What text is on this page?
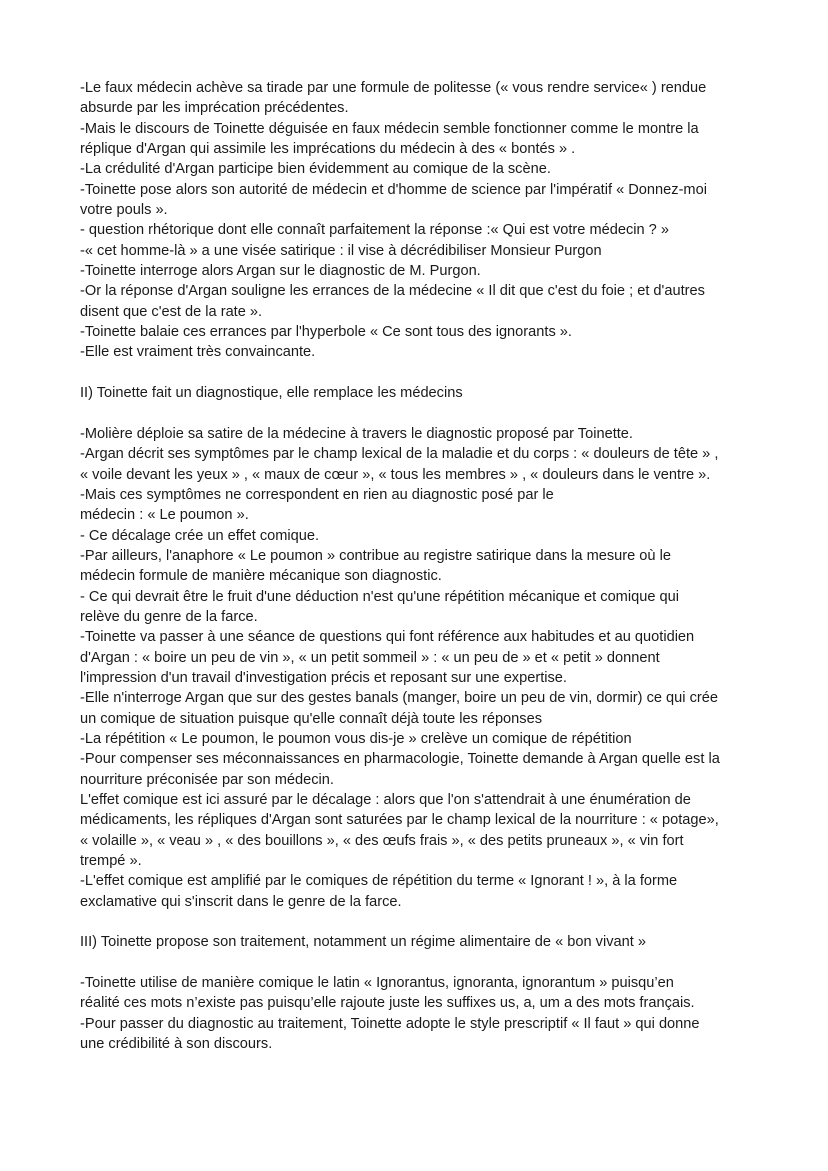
-Le faux médecin achève sa tirade par une formule de politesse (« vous rendre service« ) rendue

absurde par les imprécation précédentes.

-Mais le discours de Toinette déguisée en faux médecin semble fonctionner comme le montre la

réplique d'Argan qui assimile les imprécations du médecin à des « bontés » .

-La crédulité d'Argan participe bien évidemment au comique de la scène.

-Toinette pose alors son autorité de médecin et d'homme de science par l'impératif « Donnez-moi

votre pouls ».

- question rhétorique dont elle connaît parfaitement la réponse :« Qui est votre médecin ? »

-« cet homme-là » a une visée satirique : il vise à décrédibiliser Monsieur Purgon

-Toinette interroge alors Argan sur le diagnostic de M. Purgon.

-Or la réponse d'Argan souligne les errances de la médecine « Il dit que c'est du foie ; et d'autres

disent que c'est de la rate ».

-Toinette balaie ces errances par l'hyperbole « Ce sont tous des ignorants ».

-Elle est vraiment très convaincante.

II) Toinette fait un diagnostique, elle remplace les médecins

-Molière déploie sa satire de la médecine à travers le diagnostic proposé par Toinette.

-Argan décrit ses symptômes par le champ lexical de la maladie et du corps : « douleurs de tête » ,

« voile devant les yeux » , « maux de cœur », « tous les membres » , « douleurs dans le ventre ».

-Mais ces symptômes ne correspondent en rien au diagnostic posé par le

médecin : « Le poumon ».

- Ce décalage crée un effet comique.

-Par ailleurs, l'anaphore « Le poumon » contribue au registre satirique dans la mesure où le

médecin formule de manière mécanique son diagnostic.

- Ce qui devrait être le fruit d'une déduction n'est qu'une répétition mécanique et comique qui

relève du genre de la farce.

-Toinette va passer à une séance de questions qui font référence aux habitudes et au quotidien

d'Argan : « boire un peu de vin », « un petit sommeil » : « un peu de » et « petit » donnent

l'impression d'un travail d'investigation précis et reposant sur une expertise.

-Elle n'interroge Argan que sur des gestes banals (manger, boire un peu de vin, dormir) ce qui crée

un comique de situation puisque qu'elle connaît déjà toute les réponses

-La répétition « Le poumon, le poumon vous dis-je » crelève un comique de répétition

-Pour compenser ses méconnaissances en pharmacologie, Toinette demande à Argan quelle est la

nourriture préconisée par son médecin.

L'effet comique est ici assuré par le décalage : alors que l'on s'attendrait à une énumération de

médicaments, les répliques d'Argan sont saturées par le champ lexical de la nourriture : « potage»,

« volaille », « veau » , « des bouillons », « des œufs frais », « des petits pruneaux », « vin fort

trempé ».

-L'effet comique est amplifié par le comiques de répétition du terme « Ignorant ! », à la forme

exclamative qui s'inscrit dans le genre de la farce.

III) Toinette propose son traitement, notamment un régime alimentaire de « bon vivant »

-Toinette utilise de manière comique le latin « Ignorantus, ignoranta, ignorantum » puisqu’en

réalité ces mots n’existe pas puisqu’elle rajoute juste les suffixes us, a, um a des mots français.

-Pour passer du diagnostic au traitement, Toinette adopte le style prescriptif « Il faut » qui donne

une crédibilité à son discours.
